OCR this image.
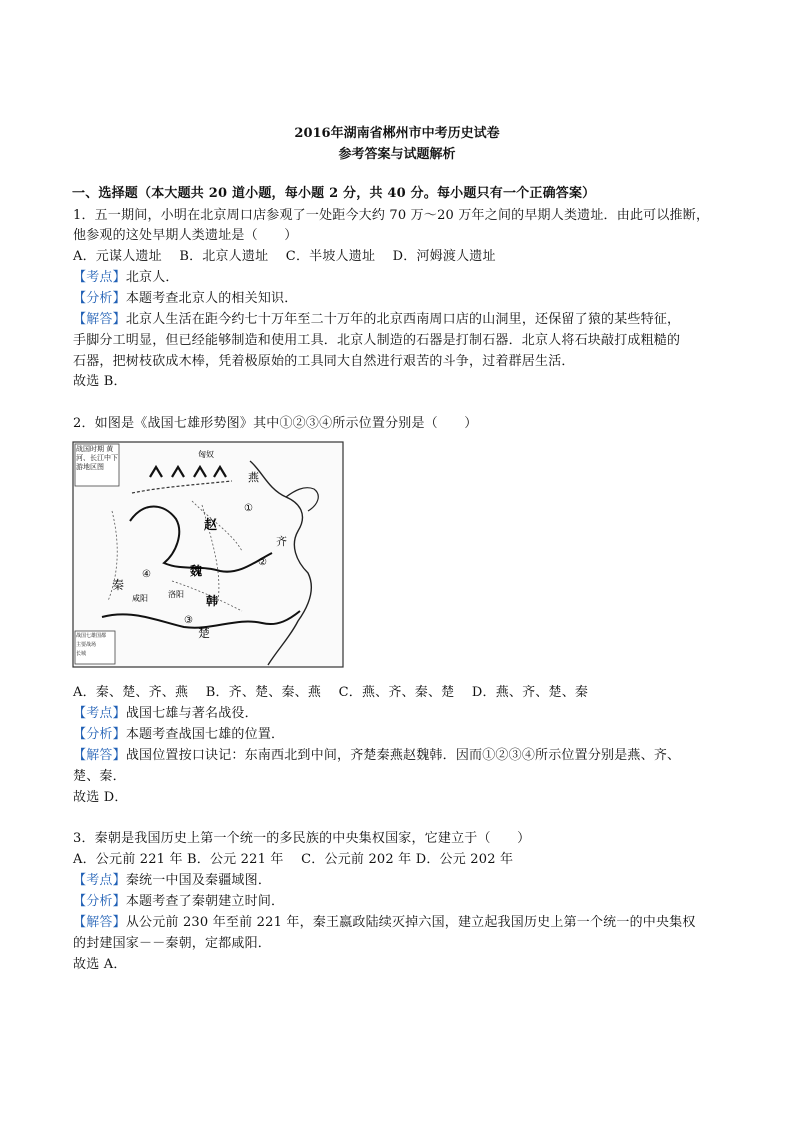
2016年湖南省郴州市中考历史试卷
参考答案与试题解析
一、选择题（本大题共 20 道小题，每小题 2 分，共 40 分。每小题只有一个正确答案）
1．五一期间，小明在北京周口店参观了一处距今大约 70 万～20 万年之间的早期人类遗址．由此可以推断，
他参观的这处早期人类遗址是（　　）
A．元谋人遗址　 B．北京人遗址　 C．半坡人遗址　 D．河姆渡人遗址
【考点】北京人．
【分析】本题考查北京人的相关知识．
【解答】北京人生活在距今约七十万年至二十万年的北京西南周口店的山洞里，还保留了猿的某些特征，
手脚分工明显，但已经能够制造和使用工具．北京人制造的石器是打制石器．北京人将石块敲打成粗糙的
石器，把树枝砍成木棒，凭着极原始的工具同大自然进行艰苦的斗争，过着群居生活．
故选 B．
2．如图是《战国七雄形势图》其中①②③④所示位置分别是（　　）
战国时期 黄河、长江中下游地区图
战国七雄国都
主要战场
长城
匈奴
燕
赵
齐
魏
韩
楚
秦
咸阳	洛阳
①
②
③
④
A．秦、楚、齐、燕　 B．齐、楚、秦、燕　 C．燕、齐、秦、楚　 D．燕、齐、楚、秦
【考点】战国七雄与著名战役．
【分析】本题考查战国七雄的位置．
【解答】战国位置按口诀记：东南西北到中间，齐楚秦燕赵魏韩．因而①②③④所示位置分别是燕、齐、
楚、秦．
故选 D．
3．秦朝是我国历史上第一个统一的多民族的中央集权国家，它建立于（　　）
A．公元前 221 年 B．公元 221 年　 C．公元前 202 年 D．公元 202 年
【考点】秦统一中国及秦疆域图．
【分析】本题考查了秦朝建立时间．
【解答】从公元前 230 年至前 221 年，秦王嬴政陆续灭掉六国，建立起我国历史上第一个统一的中央集权
的封建国家－－秦朝，定都咸阳．
故选 A．
